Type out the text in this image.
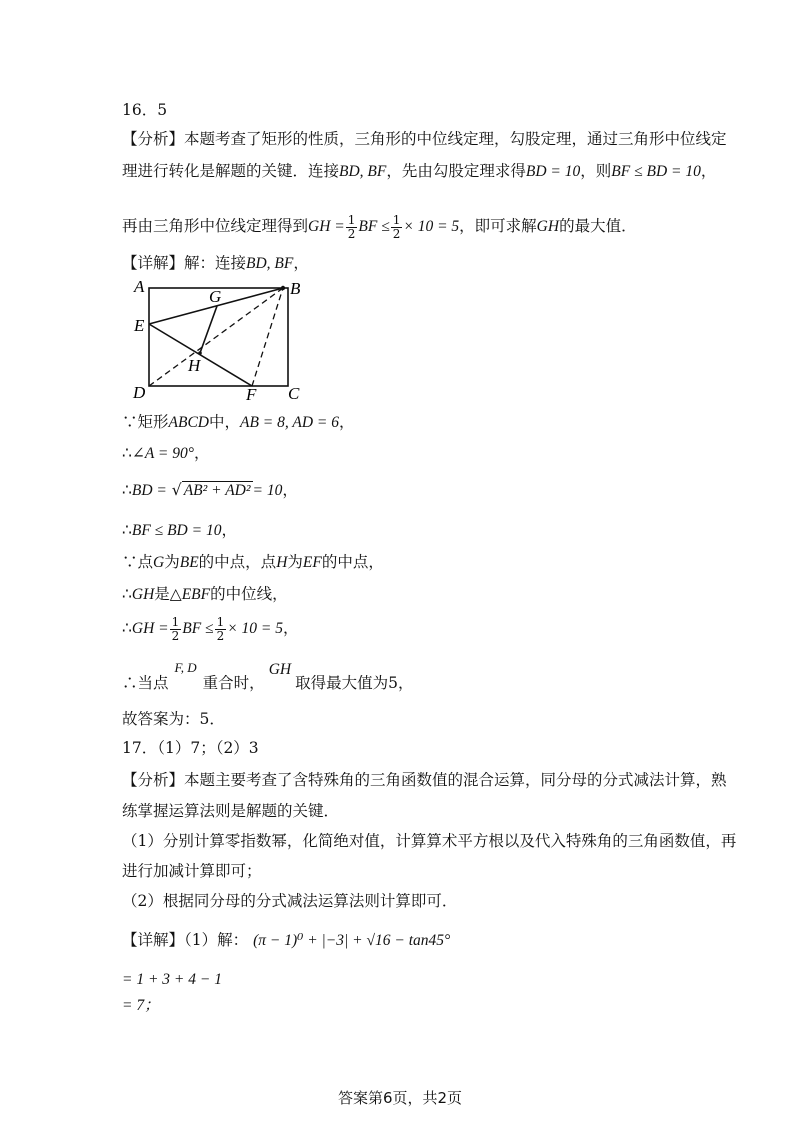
16．5
【分析】本题考查了矩形的性质，三角形的中位线定理，勾股定理，通过三角形中位线定
理进行转化是解题的关键．连接BD, BF，先由勾股定理求得BD = 10，则BF ≤ BD = 10，
再由三角形中位线定理得到GH = $\frac{1}{2}$ BF ≤ $\frac{1}{2} \times 10 = 5$，即可求解GH的最大值．
【详解】解：连接BD, BF，
A	B
C
D
E
F
G
H
∵矩形ABCD中，AB = 8, AD = 6，
∴∠A = 90°，
∴BD = √ AB² + AD² = 10，
∴BF ≤ BD = 10，
∵点G为BE的中点，点H为EF的中点，
∴GH是△EBF的中位线，
∴GH = $\frac{1}{2}$ BF ≤ $\frac{1}{2} \times 10 = 5$，
∴当点$^{F, D}$重合时，GH取得最大值为5，
故答案为：5．
17．（1）7；（2）3
【分析】本题主要考查了含特殊角的三角函数值的混合运算，同分母的分式减法计算，熟
练掌握运算法则是解题的关键．
（1）分别计算零指数幂，化简绝对值，计算算术平方根以及代入特殊角的三角函数值，再
进行加减计算即可；
（2）根据同分母的分式减法运算法则计算即可．
【详解】（1）解： (π − 1)⁰ + |−3| + √16 − tan45°
= 1 + 3 + 4 − 1
= 7；
答案第6页，共2页
